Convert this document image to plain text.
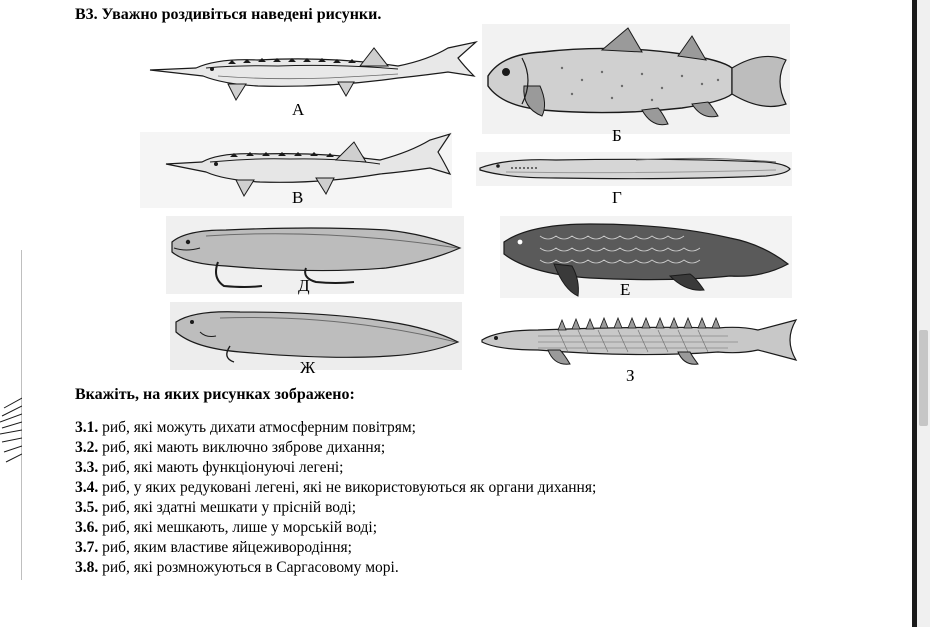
В3. Уважно роздивіться наведені рисунки.
А
Б
В	Г
Д	Е
Ж	З
Вкажіть, на яких рисунках зображено:
3.1. риб, які можуть дихати атмосферним повітрям;
3.2. риб, які мають виключно зяброве дихання;
3.3. риб, які мають функціонуючі легені;
3.4. риб, у яких редуковані легені, які не використовуються як органи дихання;
3.5. риб, які здатні мешкати у прісній воді;
3.6. риб, які мешкають, лише у морській воді;
3.7. риб, яким властиве яйцеживородіння;
3.8. риб, які розмножуються в Саргасовому морі.
